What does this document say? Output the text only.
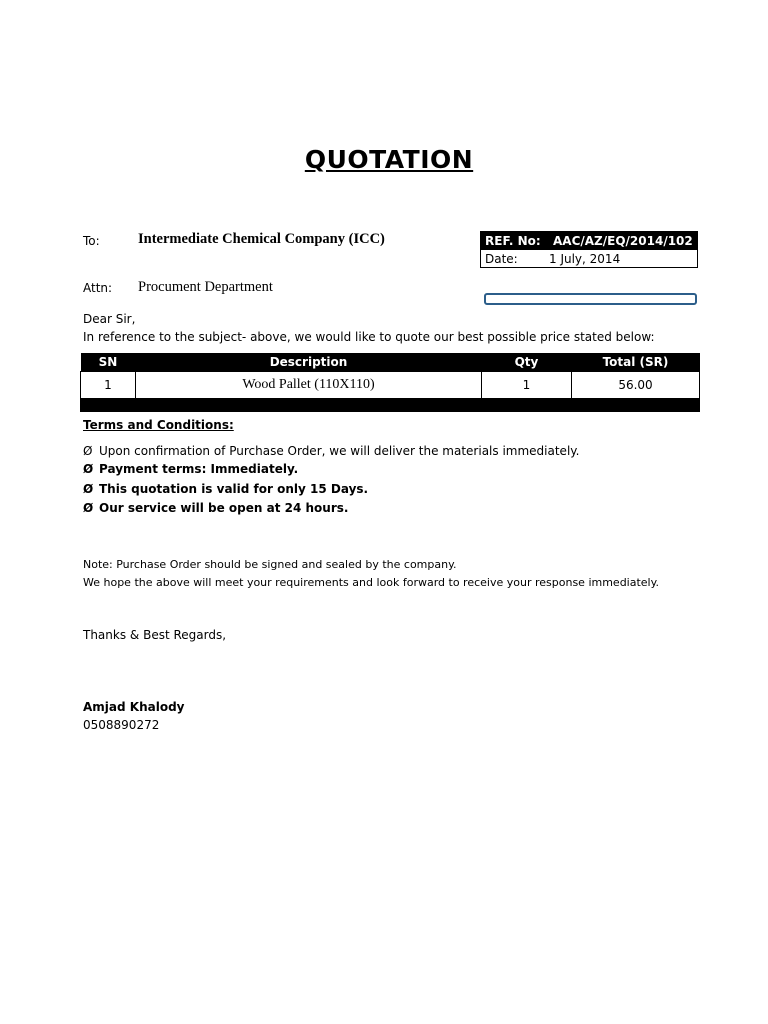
QUOTATION
To:	Intermediate Chemical Company (ICC)
Attn: Procument Department
REF. No: AAC/AZ/EQ/2014/102
Date:	1 July, 2014
Dear Sir,
In reference to the subject- above, we would like to quote our best possible price stated below:
SN	Description	Qty	Total (SR)
1	Wood Pallet (110X110)	1	56.00

Terms and Conditions:
Ø Upon confirmation of Purchase Order, we will deliver the materials immediately.
Ø Payment terms: Immediately.
Ø This quotation is valid for only 15 Days.
Ø Our service will be open at 24 hours.
Note: Purchase Order should be signed and sealed by the company.
We hope the above will meet your requirements and look forward to receive your response immediately.
Thanks & Best Regards,
Amjad Khalody
0508890272
